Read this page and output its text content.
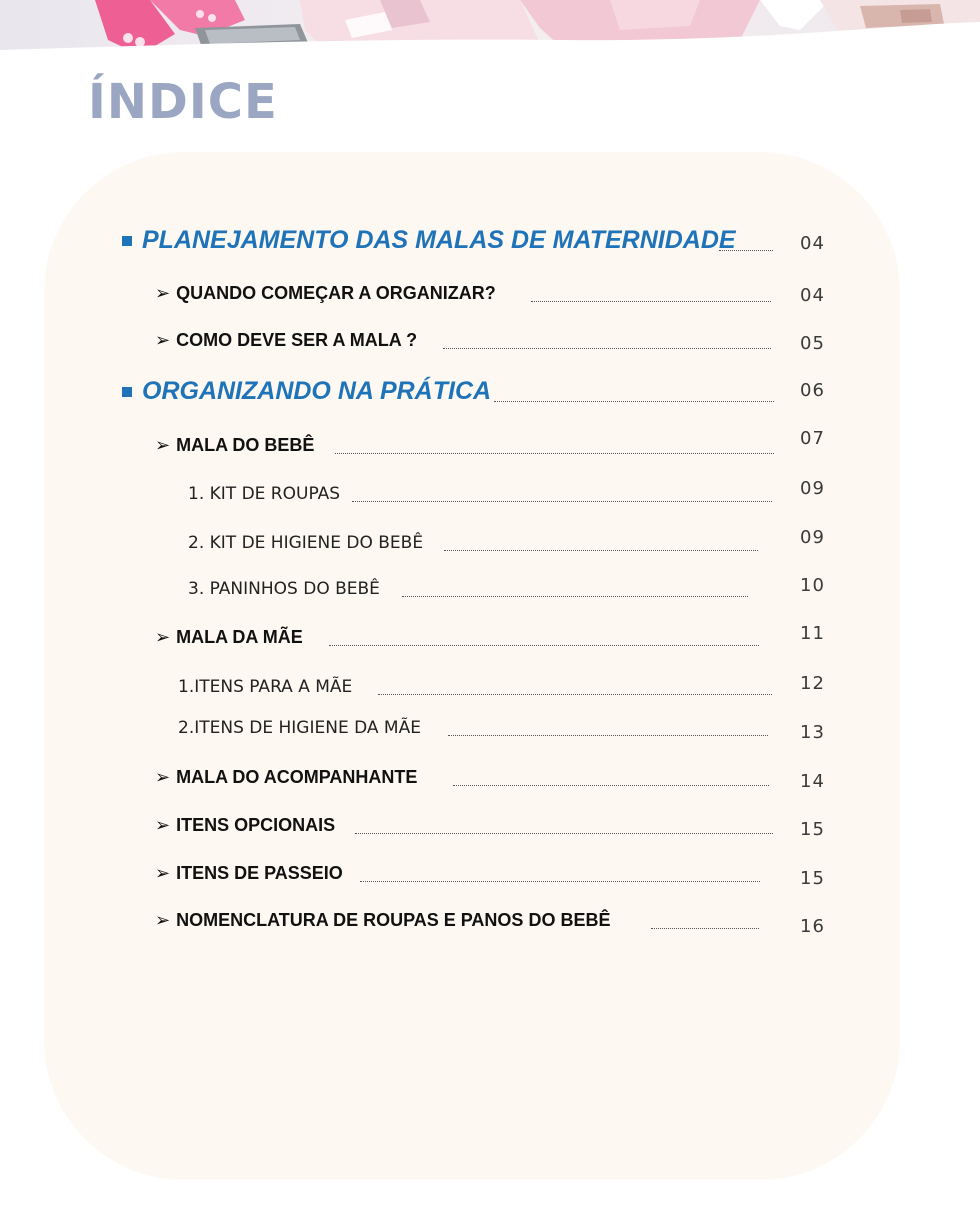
ÍNDICE
PLANEJAMENTO DAS MALAS DE MATERNIDADE	04
➢ QUANDO COMEÇAR A ORGANIZAR?	04
➢ COMO DEVE SER A MALA ?	05
ORGANIZANDO NA PRÁTICA	06
➢ MALA DO BEBÊ	07
1. KIT DE ROUPAS	09
2. KIT DE HIGIENE DO BEBÊ	09
3. PANINHOS DO BEBÊ	10
➢ MALA DA MÃE	11
1.ITENS PARA A MÃE	12
2.ITENS DE HIGIENE DA MÃE	13
➢ MALA DO ACOMPANHANTE	14
➢ ITENS OPCIONAIS	15
➢ ITENS DE PASSEIO	15
➢ NOMENCLATURA DE ROUPAS E PANOS DO BEBÊ	16
